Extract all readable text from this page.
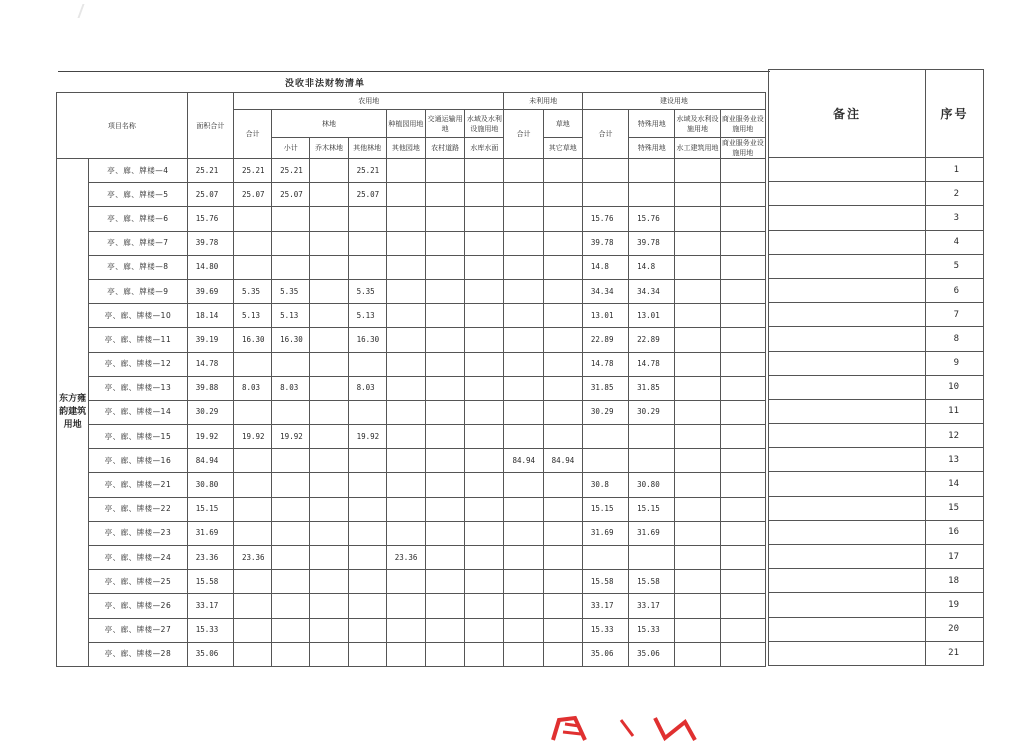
没收非法财物清单
项目名称		面积合计	农用地							未利用地		建设用地			
			合计	林地			种植园用地	交通运输用地	水域及水利设施用地	合计	草地	合计	特殊用地	水域及水利设施用地	商业服务业设施用地
				小计	乔木林地	其他林地	其他园地	农村道路	水库水面		其它草地		特殊用地	水工建筑用地	商业服务业设施用地
东方雍韵建筑用地	亭、廊、牌楼—4	25.21	25.21	25.21		25.21									
	亭、廊、牌楼—5	25.07	25.07	25.07		25.07									
	亭、廊、牌楼—6	15.76										15.76	15.76		
	亭、廊、牌楼—7	39.78										39.78	39.78		
	亭、廊、牌楼—8	14.80										14.8	14.8		
	亭、廊、牌楼—9	39.69	5.35	5.35		5.35						34.34	34.34		
	亭、廊、牌楼—10	18.14	5.13	5.13		5.13						13.01	13.01		
	亭、廊、牌楼—11	39.19	16.30	16.30		16.30						22.89	22.89		
	亭、廊、牌楼—12	14.78										14.78	14.78		
	亭、廊、牌楼—13	39.88	8.03	8.03		8.03						31.85	31.85		
	亭、廊、牌楼—14	30.29										30.29	30.29		
	亭、廊、牌楼—15	19.92	19.92	19.92		19.92									
	亭、廊、牌楼—16	84.94								84.94	84.94				
	亭、廊、牌楼—21	30.80										30.8	30.80		
	亭、廊、牌楼—22	15.15										15.15	15.15		
	亭、廊、牌楼—23	31.69										31.69	31.69		
	亭、廊、牌楼—24	23.36	23.36				23.36								
	亭、廊、牌楼—25	15.58										15.58	15.58		
	亭、廊、牌楼—26	33.17										33.17	33.17		
	亭、廊、牌楼—27	15.33										15.33	15.33		
	亭、廊、牌楼—28	35.06										35.06	35.06		
备注	序号
	1
	2
	3
	4
	5
	6
	7
	8
	9
	10
	11
	12
	13
	14
	15
	16
	17
	18
	19
	20
	21
